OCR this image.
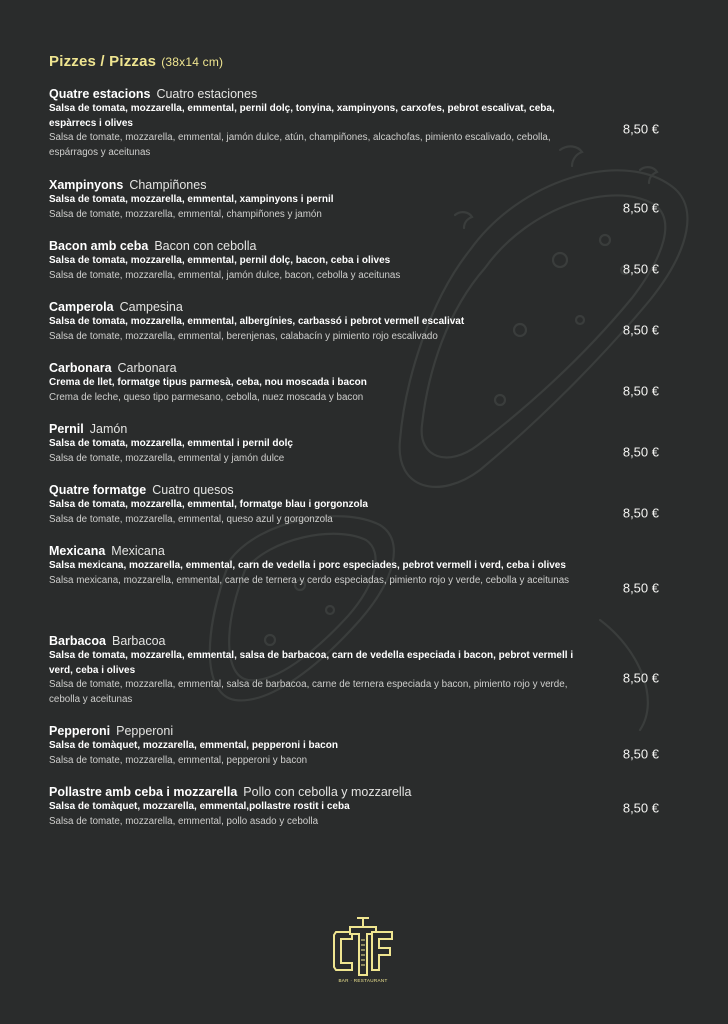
Pizzes / Pizzas (38x14 cm)
Quatre estacions Cuatro estaciones
Salsa de tomata, mozzarella, emmental, pernil dolç, tonyina, xampinyons, carxofes, pebrot escalivat, ceba, espàrrecs i olives
Salsa de tomate, mozzarella, emmental, jamón dulce, atún, champiñones, alcachofas, pimiento escalivado, cebolla, espárragos y aceitunas
8,50 €
Xampinyons Champiñones
Salsa de tomata, mozzarella, emmental, xampinyons i pernil
Salsa de tomate, mozzarella, emmental, champiñones y jamón	8,50 €
Bacon amb ceba Bacon con cebolla
Salsa de tomata, mozzarella, emmental, pernil dolç, bacon, ceba i olives
Salsa de tomate, mozzarella, emmental, jamón dulce, bacon, cebolla y aceitunas	8,50 €
Camperola Campesina
Salsa de tomata, mozzarella, emmental, albergínies, carbassó i pebrot vermell escalivat
Salsa de tomate, mozzarella, emmental, berenjenas, calabacín y pimiento rojo escalivado	8,50 €
Carbonara Carbonara
Crema de llet, formatge tipus parmesà, ceba, nou moscada i bacon
Crema de leche, queso tipo parmesano, cebolla, nuez moscada y bacon	8,50 €
Pernil Jamón
Salsa de tomata, mozzarella, emmental i pernil dolç
Salsa de tomate, mozzarella, emmental y jamón dulce	8,50 €
Quatre formatge Cuatro quesos
Salsa de tomata, mozzarella, emmental, formatge blau i gorgonzola
Salsa de tomate, mozzarella, emmental, queso azul y gorgonzola	8,50 €
Mexicana Mexicana
Salsa mexicana, mozzarella, emmental, carn de vedella i porc especiades, pebrot vermell i verd, ceba i olives
Salsa mexicana, mozzarella, emmental, carne de ternera y cerdo especiadas, pimiento rojo y verde, cebolla y aceitunas
8,50 €
Barbacoa Barbacoa
Salsa de tomata, mozzarella, emmental, salsa de barbacoa, carn de vedella especiada i bacon, pebrot vermell i verd, ceba i olives
Salsa de tomate, mozzarella, emmental, salsa de barbacoa, carne de ternera especiada y bacon, pimiento rojo y verde, cebolla y aceitunas
8,50 €
Pepperoni Pepperoni
Salsa de tomàquet, mozzarella, emmental, pepperoni i bacon
Salsa de tomate, mozzarella, emmental, pepperoni y bacon	8,50 €
Pollastre amb ceba i mozzarella Pollo con cebolla y mozzarella
Salsa de tomàquet, mozzarella, emmental,pollastre rostit i ceba
Salsa de tomate, mozzarella, emmental, pollo asado y cebolla
8,50 €
BAR · RESTAURANT
